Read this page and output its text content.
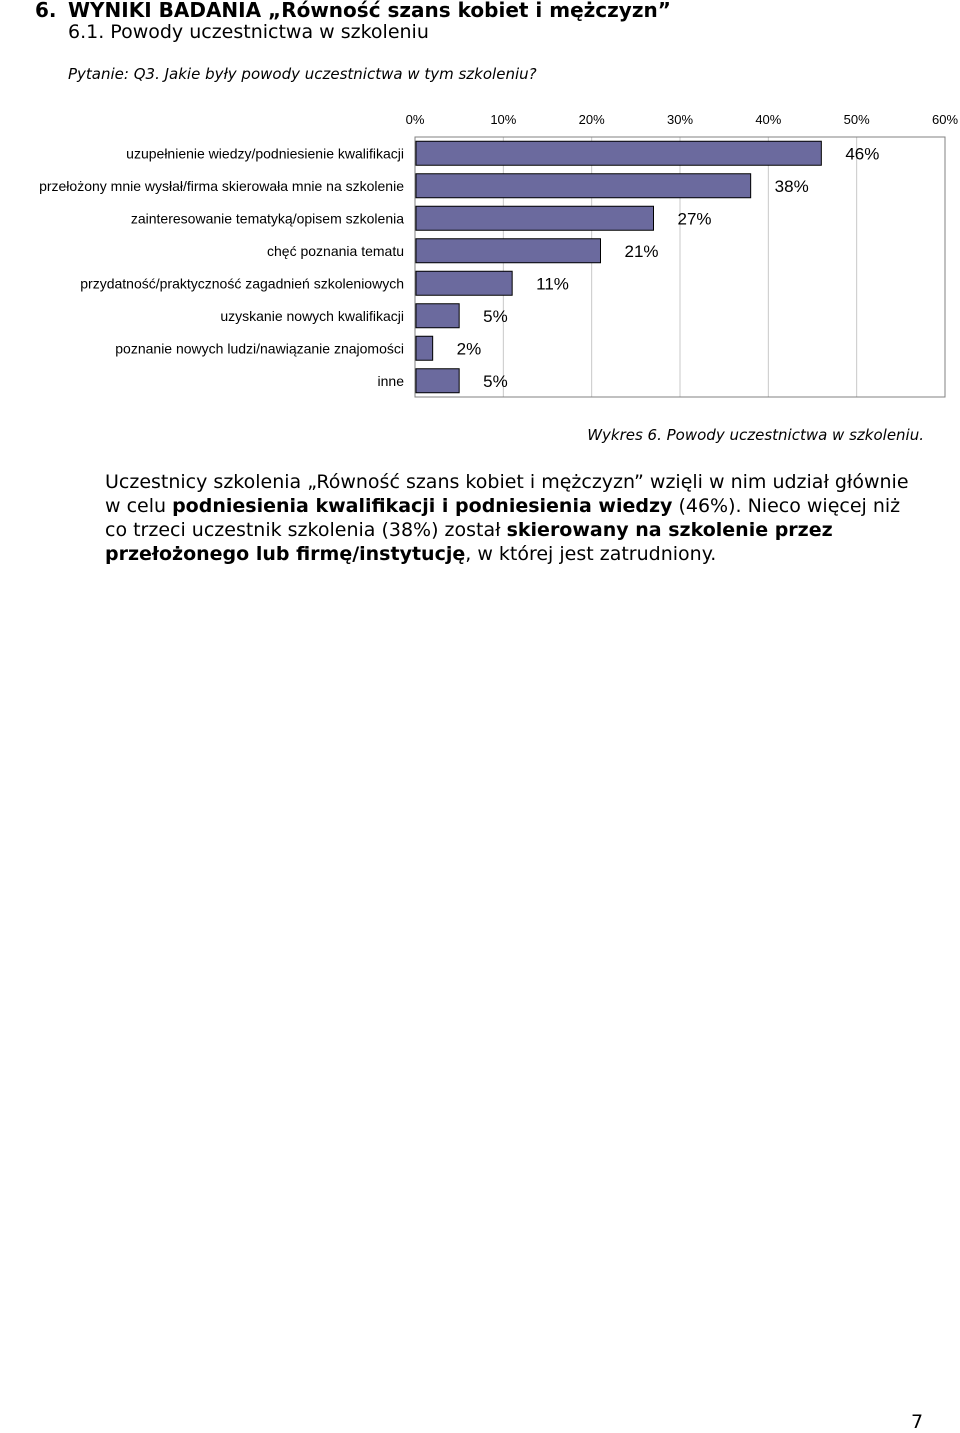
6. WYNIKI BADANIA „Równość szans kobiet i mężczyzn”
6.1. Powody uczestnictwa w szkoleniu
Pytanie: Q3. Jakie były powody uczestnictwa w tym szkoleniu?
0%	10%	20%	30%	40%	50%	60%
uzupełnienie wiedzy/podniesienie kwalifikacji	46%
przełożony mnie wysłał/firma skierowała mnie na szkolenie	38%
zainteresowanie tematyką/opisem szkolenia	27%
chęć poznania tematu	21%
przydatność/praktyczność zagadnień szkoleniowych	11%
uzyskanie nowych kwalifikacji	5%
poznanie nowych ludzi/nawiązanie znajomości	2%
inne	5%
Wykres 6. Powody uczestnictwa w szkoleniu.
Uczestnicy szkolenia „Równość szans kobiet i mężczyzn” wzięli w nim udział głównie w celu podniesienia kwalifikacji i podniesienia wiedzy (46%). Nieco więcej niż co trzeci uczestnik szkolenia (38%) został skierowany na szkolenie przez przełożonego lub firmę/instytucję, w której jest zatrudniony.
7
